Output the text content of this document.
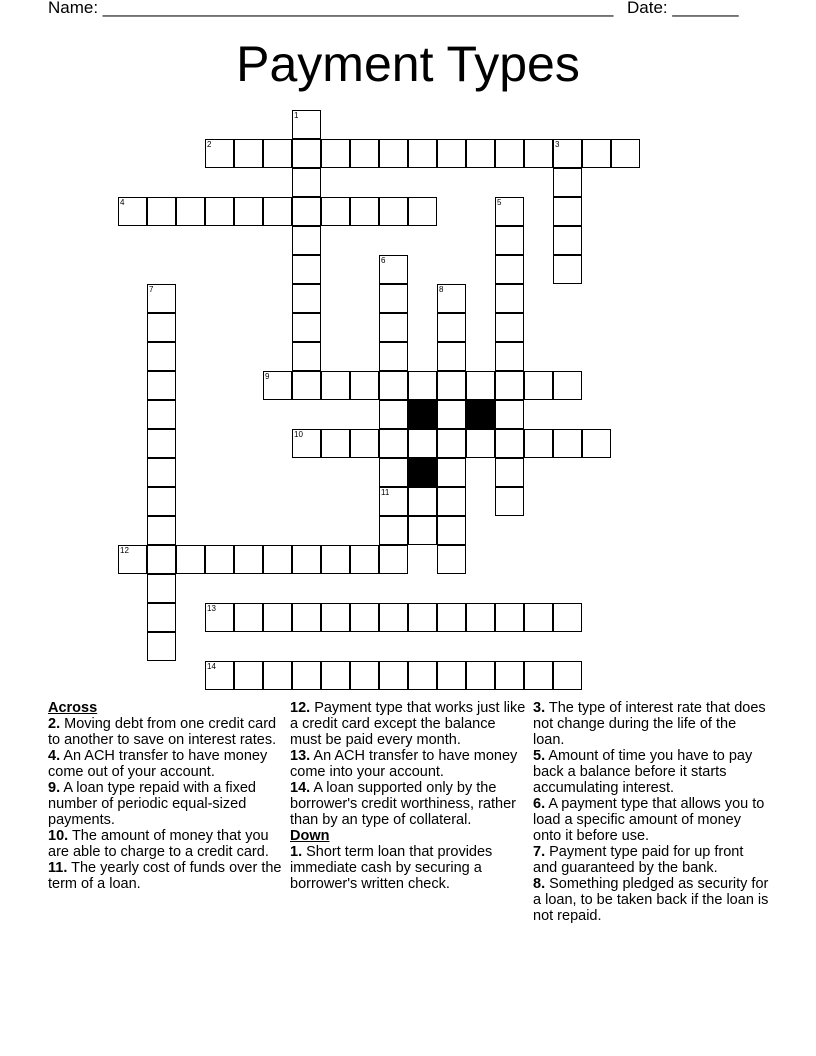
Name: ______________________________________________________ Date: _______
Payment Types
1
2	3
4	5
6
11
7	8
9
10
12
13
14
Across

2. Moving debt from one credit card to another to save on interest rates.

4. An ACH transfer to have money come out of your account.

9. A loan type repaid with a fixed number of periodic equal-sized payments.

10. The amount of money that you are able to charge to a credit card.

11. The yearly cost of funds over the term of a loan.

12. Payment type that works just like a credit card except the balance must be paid every month.

13. An ACH transfer to have money come into your account.

14. A loan supported only by the borrower's credit worthiness, rather than by an type of collateral.

Down

1. Short term loan that provides immediate cash by securing a borrower's written check.

3. The type of interest rate that does not change during the life of the loan.

5. Amount of time you have to pay back a balance before it starts accumulating interest.

6. A payment type that allows you to load a specific amount of money onto it before use.

7. Payment type paid for up front and guaranteed by the bank.

8. Something pledged as security for a loan, to be taken back if the loan is not repaid.
